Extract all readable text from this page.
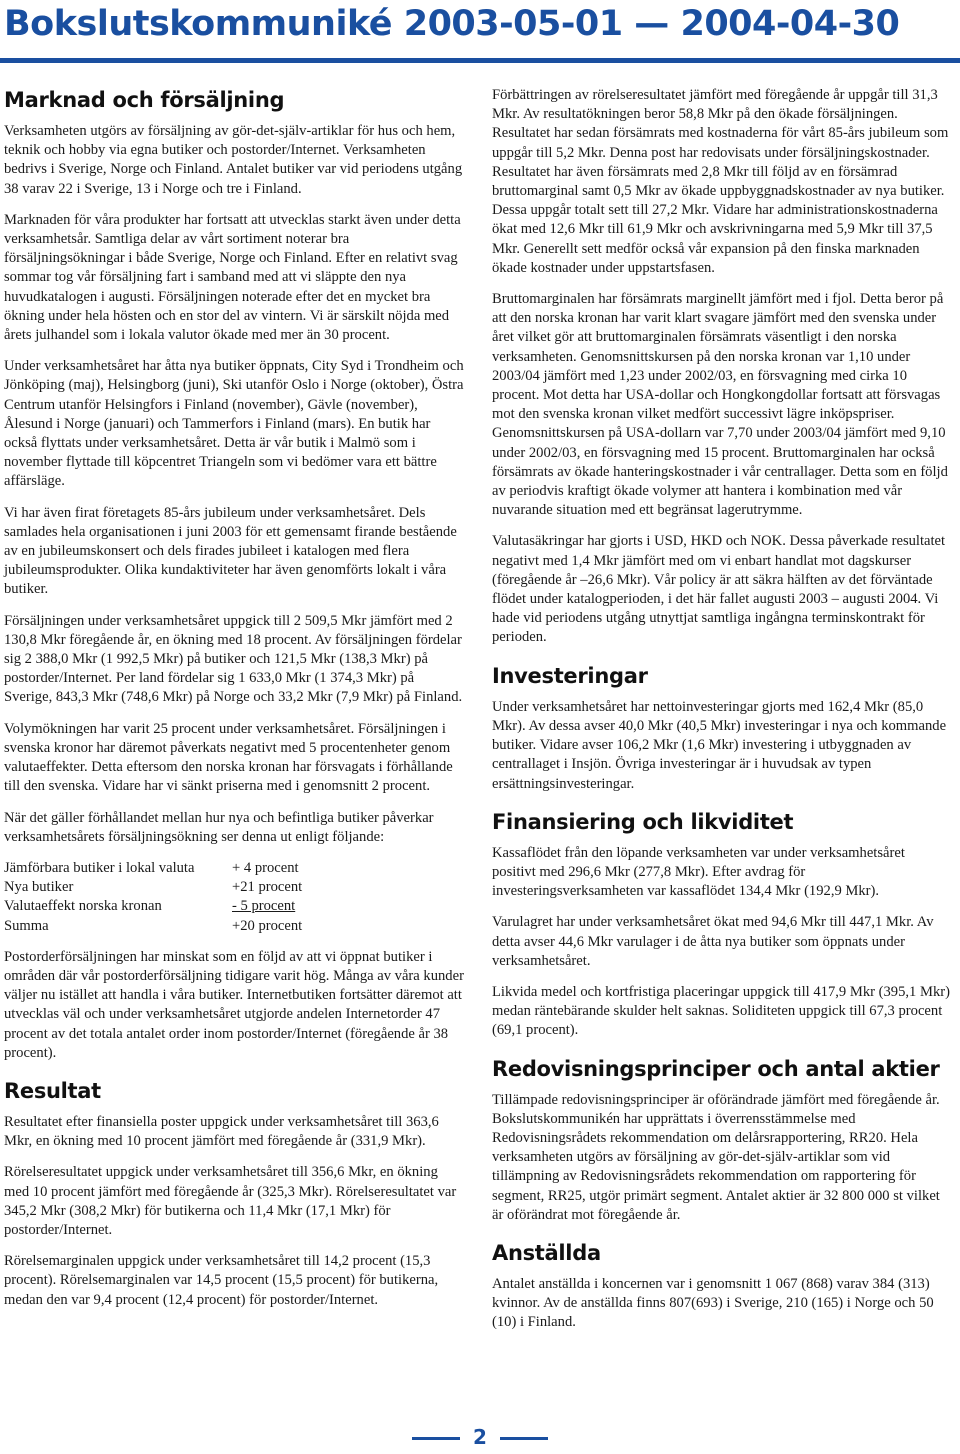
Bokslutskommuniké 2003-05-01 — 2004-04-30
Marknad och försäljning

Verksamheten utgörs av försäljning av gör-det-själv-artiklar för hus och hem, teknik och hobby via egna butiker och postorder/Internet. Verksamheten bedrivs i Sverige, Norge och Finland. Antalet butiker var vid periodens utgång 38 varav 22 i Sverige, 13 i Norge och tre i Finland.

Marknaden för våra produkter har fortsatt att utvecklas starkt även under detta verksamhetsår. Samtliga delar av vårt sortiment noterar bra försäljningsökningar i både Sverige, Norge och Finland. Efter en relativt svag sommar tog vår försäljning fart i samband med att vi släppte den nya huvudkatalogen i augusti. Försäljningen noterade efter det en mycket bra ökning under hela hösten och en stor del av vintern. Vi är särskilt nöjda med årets julhandel som i lokala valutor ökade med mer än 30 procent.

Under verksamhetsåret har åtta nya butiker öppnats, City Syd i Trondheim och Jönköping (maj), Helsingborg (juni), Ski utanför Oslo i Norge (oktober), Östra Centrum utanför Helsingfors i Finland (november), Gävle (november), Ålesund i Norge (januari) och Tammerfors i Finland (mars). En butik har också flyttats under verksamhetsåret. Detta är vår butik i Malmö som i november flyttade till köpcentret Triangeln som vi bedömer vara ett bättre affärsläge.

Vi har även firat företagets 85-års jubileum under verksamhetsåret. Dels samlades hela organisationen i juni 2003 för ett gemensamt firande bestående av en jubileumskonsert och dels firades jubileet i katalogen med flera jubileumsprodukter. Olika kundaktiviteter har även genomförts lokalt i våra butiker.

Försäljningen under verksamhetsåret uppgick till 2 509,5 Mkr jämfört med 2 130,8 Mkr föregående år, en ökning med 18 procent. Av försäljningen fördelar sig 2 388,0 Mkr (1 992,5 Mkr) på butiker och 121,5 Mkr (138,3 Mkr) på postorder/Internet. Per land fördelar sig 1 633,0 Mkr (1 374,3 Mkr) på Sverige, 843,3 Mkr (748,6 Mkr) på Norge och 33,2 Mkr (7,9 Mkr) på Finland.

Volymökningen har varit 25 procent under verksamhetsåret. Försäljningen i svenska kronor har däremot påverkats negativt med 5 procentenheter genom valutaeffekter. Detta eftersom den norska kronan har försvagats i förhållande till den svenska. Vidare har vi sänkt priserna med i genomsnitt 2 procent.

När det gäller förhållandet mellan hur nya och befintliga butiker påverkar verksamhetsårets försäljningsökning ser denna ut enligt följande:

Jämförbara butiker i lokal valuta	+ 4 procent
Nya butiker	+21 procent
Valutaeffekt norska kronan	- 5 procent
Summa	+20 procent

Postorderförsäljningen har minskat som en följd av att vi öppnat butiker i områden där vår postorderförsäljning tidigare varit hög. Många av våra kunder väljer nu istället att handla i våra butiker. Internetbutiken fortsätter däremot att utvecklas väl och under verksamhetsåret utgjorde andelen Internetorder 47 procent av det totala antalet order inom postorder/Internet (föregående år 38 procent).

Resultat

Resultatet efter finansiella poster uppgick under verksamhetsåret till 363,6 Mkr, en ökning med 10 procent jämfört med föregående år (331,9 Mkr).

Rörelseresultatet uppgick under verksamhetsåret till 356,6 Mkr, en ökning med 10 procent jämfört med föregående år (325,3 Mkr). Rörelseresultatet var 345,2 Mkr (308,2 Mkr) för butikerna och 11,4 Mkr (17,1 Mkr) för postorder/Internet.

Rörelsemarginalen uppgick under verksamhetsåret till 14,2 procent (15,3 procent). Rörelsemarginalen var 14,5 procent (15,5 procent) för butikerna, medan den var 9,4 procent (12,4 procent) för postorder/Internet.

Förbättringen av rörelseresultatet jämfört med föregående år uppgår till 31,3 Mkr. Av resultatökningen beror 58,8 Mkr på den ökade försäljningen. Resultatet har sedan försämrats med kostnaderna för vårt 85-års jubileum som uppgår till 5,2 Mkr. Denna post har redovisats under försäljningskostnader. Resultatet har även försämrats med 2,8 Mkr till följd av en försämrad bruttomarginal samt 0,5 Mkr av ökade uppbyggnadskostnader av nya butiker. Dessa uppgår totalt sett till 27,2 Mkr. Vidare har administrationskostnaderna ökat med 12,6 Mkr till 61,9 Mkr och avskrivningarna med 5,9 Mkr till 37,5 Mkr. Generellt sett medför också vår expansion på den finska marknaden ökade kostnader under uppstartsfasen.

Bruttomarginalen har försämrats marginellt jämfört med i fjol. Detta beror på att den norska kronan har varit klart svagare jämfört med den svenska under året vilket gör att bruttomarginalen försämrats väsentligt i den norska verksamheten. Genomsnittskursen på den norska kronan var 1,10 under 2003/04 jämfört med 1,23 under 2002/03, en försvagning med cirka 10 procent. Mot detta har USA-dollar och Hongkongdollar fortsatt att försvagas mot den svenska kronan vilket medfört successivt lägre inköpspriser. Genomsnittskursen på USA-dollarn var 7,70 under 2003/04 jämfört med 9,10 under 2002/03, en försvagning med 15 procent. Bruttomarginalen har också försämrats av ökade hanteringskostnader i vår centrallager. Detta som en följd av periodvis kraftigt ökade volymer att hantera i kombination med vår nuvarande situation med ett begränsat lagerutrymme.

Valutasäkringar har gjorts i USD, HKD och NOK. Dessa påverkade resultatet negativt med 1,4 Mkr jämfört med om vi enbart handlat mot dagskurser (föregående år –26,6 Mkr). Vår policy är att säkra hälften av det förväntade flödet under katalogperioden, i det här fallet augusti 2003 – augusti 2004. Vi hade vid periodens utgång utnyttjat samtliga ingångna terminskontrakt för perioden.

Investeringar

Under verksamhetsåret har nettoinvesteringar gjorts med 162,4 Mkr (85,0 Mkr). Av dessa avser 40,0 Mkr (40,5 Mkr) investeringar i nya och kommande butiker. Vidare avser 106,2 Mkr (1,6 Mkr) investering i utbyggnaden av centrallaget i Insjön. Övriga investeringar är i huvudsak av typen ersättningsinvesteringar.

Finansiering och likviditet

Kassaflödet från den löpande verksamheten var under verksamhetsåret positivt med 296,6 Mkr (277,8 Mkr). Efter avdrag för investeringsverksamheten var kassaflödet 134,4 Mkr (192,9 Mkr).

Varulagret har under verksamhetsåret ökat med 94,6 Mkr till 447,1 Mkr. Av detta avser 44,6 Mkr varulager i de åtta nya butiker som öppnats under verksamhetsåret.

Likvida medel och kortfristiga placeringar uppgick till 417,9 Mkr (395,1 Mkr) medan räntebärande skulder helt saknas. Soliditeten uppgick till 67,3 procent (69,1 procent).

Redovisningsprinciper och antal aktier

Tillämpade redovisningsprinciper är oförändrade jämfört med föregående år. Bokslutskommunikén har upprättats i överrensstämmelse med Redovisningsrådets rekommendation om delårsrapportering, RR20. Hela verksamheten utgörs av försäljning av gör-det-själv-artiklar som vid tillämpning av Redovisningsrådets rekommendation om rapportering för segment, RR25, utgör primärt segment. Antalet aktier är 32 800 000 st vilket är oförändrat mot föregående år.

Anställda

Antalet anställda i koncernen var i genomsnitt 1 067 (868) varav 384 (313) kvinnor. Av de anställda finns 807(693) i Sverige, 210 (165) i Norge och 50 (10) i Finland.

2
